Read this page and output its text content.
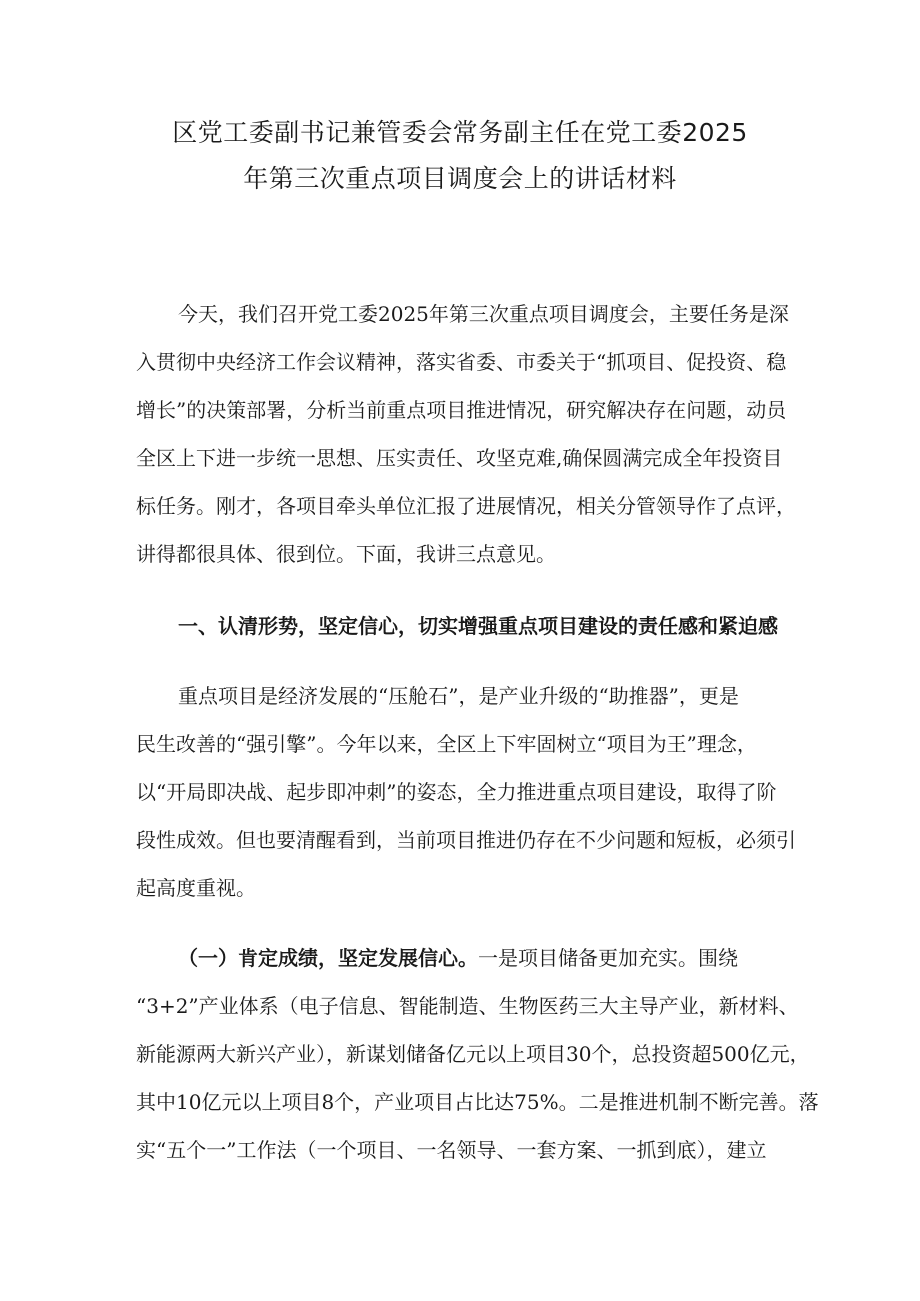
区党工委副书记兼管委会常务副主任在党工委2025
年第三次重点项目调度会上的讲话材料

今天，我们召开党工委2025年第三次重点项目调度会，主要任务是深

入贯彻中央经济工作会议精神，落实省委、市委关于“抓项目、促投资、稳

增长”的决策部署，分析当前重点项目推进情况，研究解决存在问题，动员

全区上下进一步统一思想、压实责任、攻坚克难,确保圆满完成全年投资目

标任务。刚才，各项目牵头单位汇报了进展情况，相关分管领导作了点评，

讲得都很具体、很到位。下面，我讲三点意见。

一、认清形势，坚定信心，切实增强重点项目建设的责任感和紧迫感

重点项目是经济发展的“压舱石”，是产业升级的“助推器”，更是

民生改善的“强引擎”。今年以来，全区上下牢固树立“项目为王”理念，

以“开局即决战、起步即冲刺”的姿态，全力推进重点项目建设，取得了阶

段性成效。但也要清醒看到，当前项目推进仍存在不少问题和短板，必须引

起高度重视。

（一）肯定成绩，坚定发展信心。一是项目储备更加充实。围绕

“3+2”产业体系（电子信息、智能制造、生物医药三大主导产业，新材料、

新能源两大新兴产业），新谋划储备亿元以上项目30个，总投资超500亿元，

其中10亿元以上项目8个，产业项目占比达75%。二是推进机制不断完善。落

实“五个一”工作法（一个项目、一名领导、一套方案、一抓到底），建立
